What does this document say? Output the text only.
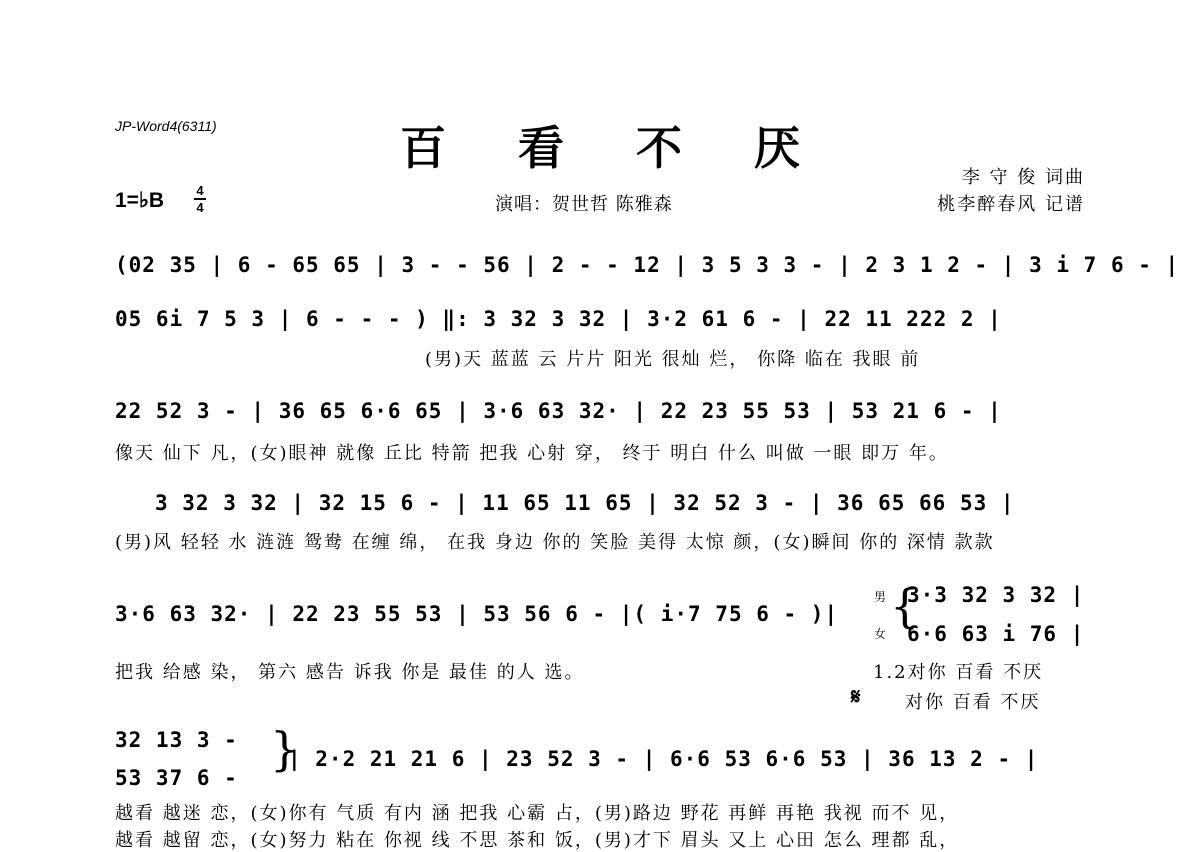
JP-Word4(6311)	百 看 不 厌
1=♭B 4
4	演唱：贺世哲 陈雅森
李 守 俊 词曲
桃李醉春风 记谱
(02 35 | 6 - 65 65 | 3 - - 56 | 2 - - 12 | 3 5 3 3 - | 2 3 1 2 - | 3 i 7 6 - |
05 6i 7 5 3 | 6 - - - ) ‖: 3 32 3 32 | 3·2 61 6 - | 22 11 222 2 |
(男)天 蓝蓝 云 片片 阳光 很灿 烂， 你降 临在 我眼 前
22 52 3 - | 36 65 6·6 65 | 3·6 63 32· | 22 23 55 53 | 53 21 6 - |
像天 仙下 凡，(女)眼神 就像 丘比 特箭 把我 心射 穿， 终于 明白 什么 叫做 一眼 即万 年。
3 32 3 32 | 32 15 6 - | 11 65 11 65 | 32 52 3 - | 36 65 66 53 |
(男)风 轻轻 水 涟涟 鸳鸯 在缠 绵， 在我 身边 你的 笑脸 美得 太惊 颜，(女)瞬间 你的 深情 款款
3·6 63 32· | 22 23 55 53 | 53 56 6 - |( i·7 75 6 - )|
把我 给感 染， 第六 感告 诉我 你是 最佳 的人 选。
男
女
{
3·3 32 3 32 |
6·6 63 i 76 |
1.2对你 百看 不厌
𝄋 对你 百看 不厌
32 13 3 -
53 37 6 -
}
| 2·2 21 21 6 | 23 52 3 - | 6·6 53 6·6 53 | 36 13 2 - |
越看 越迷 恋，(女)你有 气质 有内 涵 把我 心霸 占，(男)路边 野花 再鲜 再艳 我视 而不 见，
越看 越留 恋，(女)努力 粘在 你视 线 不思 茶和 饭，(男)才下 眉头 又上 心田 怎么 理都 乱，
